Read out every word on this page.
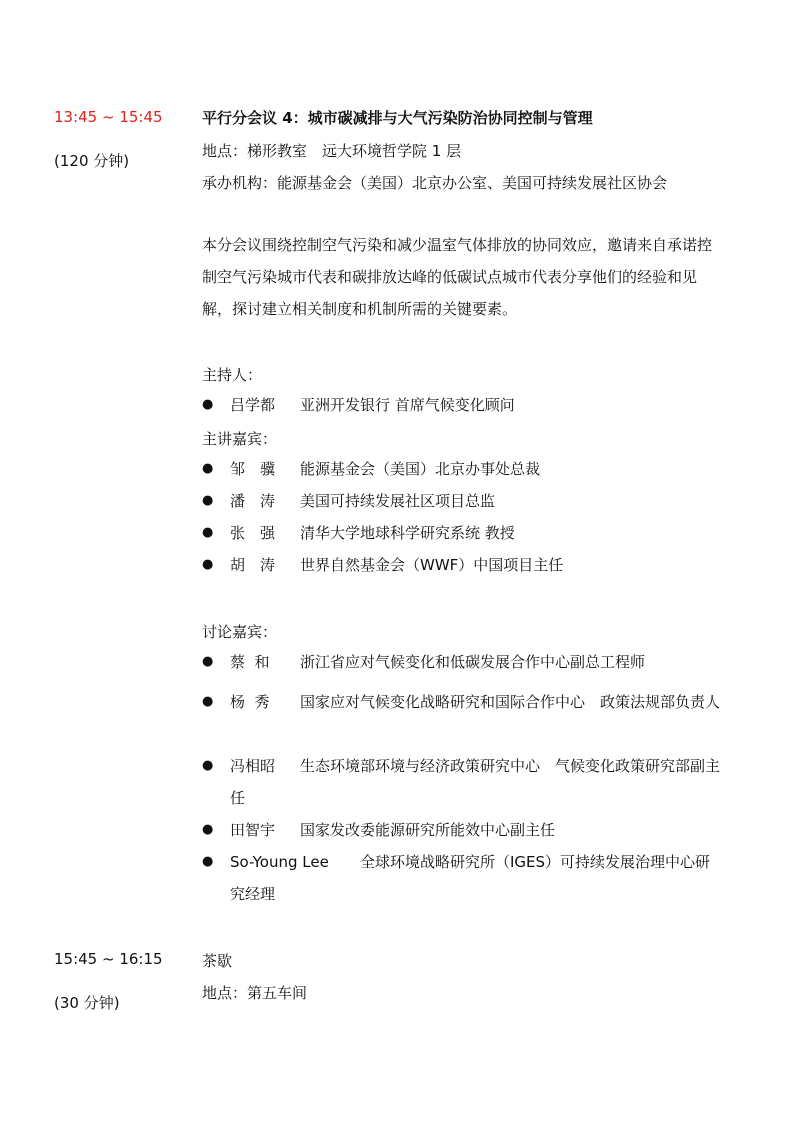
13:45 ~ 15:45
(120 分钟)
平行分会议 4：城市碳减排与大气污染防治协同控制与管理
地点：梯形教室　远大环境哲学院 1 层
承办机构：能源基金会（美国）北京办公室、美国可持续发展社区协会
本分会议围绕控制空气污染和减少温室气体排放的协同效应，邀请来自承诺控制空气污染城市代表和碳排放达峰的低碳试点城市代表分享他们的经验和见解，探讨建立相关制度和机制所需的关键要素。
主持人：
● 吕学都 亚洲开发银行 首席气候变化顾问
主讲嘉宾：
● 邹　骥 能源基金会（美国）北京办事处总裁
● 潘　涛 美国可持续发展社区项目总监
● 张　强 清华大学地球科学研究系统 教授
● 胡　涛 世界自然基金会（WWF）中国项目主任
讨论嘉宾：
● 蔡  和 浙江省应对气候变化和低碳发展合作中心副总工程师
● 杨  秀 国家应对气候变化战略研究和国际合作中心　政策法规部负责人
● 冯相昭 生态环境部环境与经济政策研究中心　气候变化政策研究部副主任
● 田智宇 国家发改委能源研究所能效中心副主任
● So-Young Lee 全球环境战略研究所（IGES）可持续发展治理中心研究经理
15:45 ~ 16:15
(30 分钟)
茶歇
地点：第五车间
